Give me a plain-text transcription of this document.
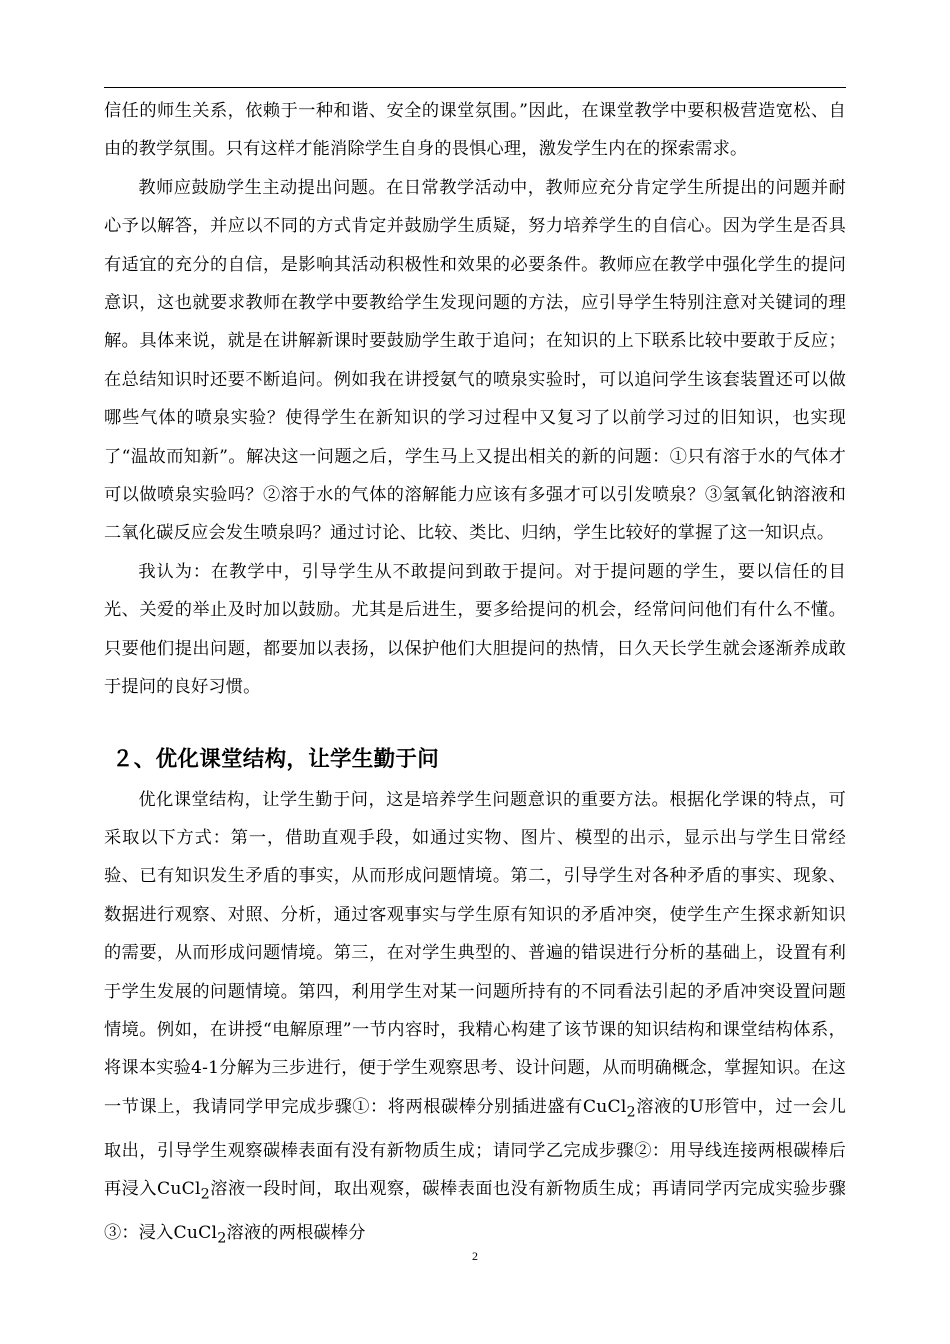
信任的师生关系，依赖于一种和谐、安全的课堂氛围。”因此，在课堂教学中要积极营造宽松、自由的教学氛围。只有这样才能消除学生自身的畏惧心理，激发学生内在的探索需求。

教师应鼓励学生主动提出问题。在日常教学活动中，教师应充分肯定学生所提出的问题并耐心予以解答，并应以不同的方式肯定并鼓励学生质疑，努力培养学生的自信心。因为学生是否具有适宜的充分的自信，是影响其活动积极性和效果的必要条件。教师应在教学中强化学生的提问意识，这也就要求教师在教学中要教给学生发现问题的方法，应引导学生特别注意对关键词的理解。具体来说，就是在讲解新课时要鼓励学生敢于追问；在知识的上下联系比较中要敢于反应；在总结知识时还要不断追问。例如我在讲授氨气的喷泉实验时，可以追问学生该套装置还可以做哪些气体的喷泉实验？使得学生在新知识的学习过程中又复习了以前学习过的旧知识，也实现了“温故而知新”。解决这一问题之后，学生马上又提出相关的新的问题：①只有溶于水的气体才可以做喷泉实验吗？②溶于水的气体的溶解能力应该有多强才可以引发喷泉？③氢氧化钠溶液和二氧化碳反应会发生喷泉吗？通过讨论、比较、类比、归纳，学生比较好的掌握了这一知识点。

我认为：在教学中，引导学生从不敢提问到敢于提问。对于提问题的学生，要以信任的目光、关爱的举止及时加以鼓励。尤其是后进生，要多给提问的机会，经常问问他们有什么不懂。只要他们提出问题，都要加以表扬，以保护他们大胆提问的热情，日久天长学生就会逐渐养成敢于提问的良好习惯。

２、优化课堂结构，让学生勤于问

优化课堂结构，让学生勤于问，这是培养学生问题意识的重要方法。根据化学课的特点，可采取以下方式：第一，借助直观手段，如通过实物、图片、模型的出示，显示出与学生日常经验、已有知识发生矛盾的事实，从而形成问题情境。第二，引导学生对各种矛盾的事实、现象、数据进行观察、对照、分析，通过客观事实与学生原有知识的矛盾冲突，使学生产生探求新知识的需要，从而形成问题情境。第三，在对学生典型的、普遍的错误进行分析的基础上，设置有利于学生发展的问题情境。第四，利用学生对某一问题所持有的不同看法引起的矛盾冲突设置问题情境。例如，在讲授“电解原理”一节内容时，我精心构建了该节课的知识结构和课堂结构体系，将课本实验4-1分解为三步进行，便于学生观察思考、设计问题，从而明确概念，掌握知识。在这一节课上，我请同学甲完成步骤①：将两根碳棒分别插进盛有CuCl$_2$溶液的U形管中，过一会儿取出，引导学生观察碳棒表面有没有新物质生成；请同学乙完成步骤②：用导线连接两根碳棒后再浸入CuCl$_2$溶液一段时间，取出观察，碳棒表面也没有新物质生成；再请同学丙完成实验步骤③：浸入CuCl$_2$溶液的两根碳棒分

2
